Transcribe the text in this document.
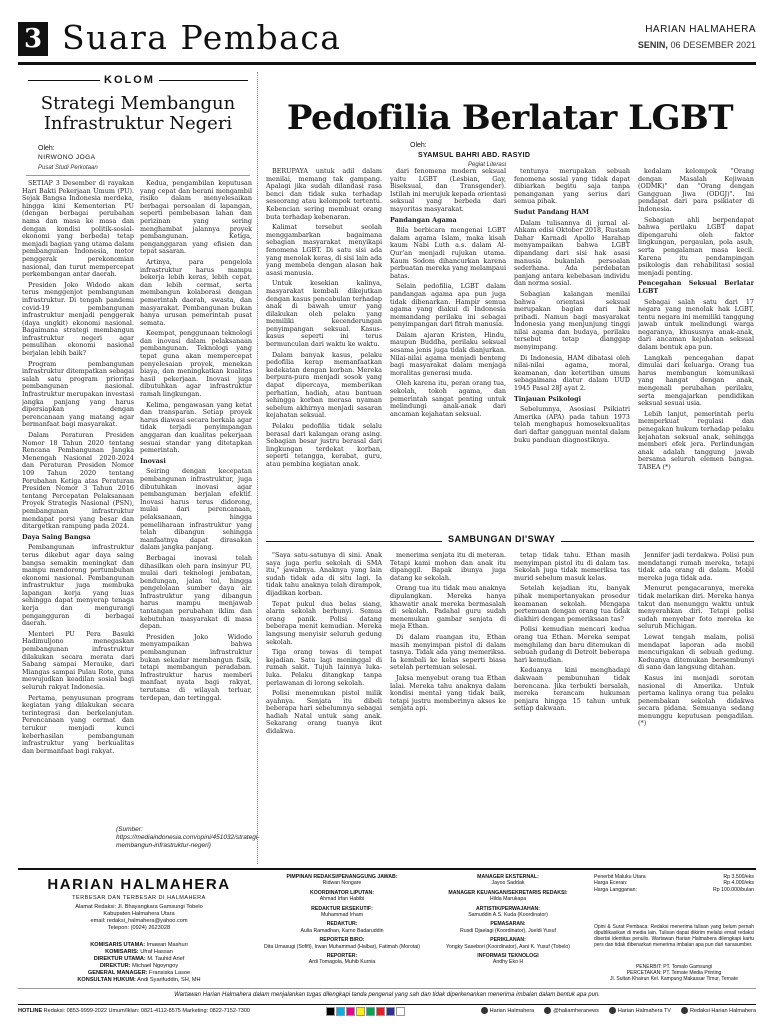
3 Suara Pembaca	HARIAN HALMAHERA
SENIN, 06 DESEMBER 2021
KOLOM
Strategi Membangun Infrastruktur Negeri
Oleh:
NIRWONO JOGA
Pusat Studi Perkotaan

SETIAP 3 Desember di rayakan Hari Bakti Pekerjaan Umum (PU). Sejak Bangsa Indonesia merdeka, hingga kini Kementerian PU (dengan berbagai perubahan nama dan masa ke masa dan dengan kondisi politik-sosial-ekonomi yang berbeda) tetap menjadi bagian yang utama dalam pembangunan Indonesia, motor penggerak perekonomian nasional, dan turut mempercepat perkembangan antar daerah.

Presiden Joko Widodo akan terus menggenjot pembangunan infrastruktur. Di tengah pandemi covid-19 pembangunan infrastruktur menjadi penggerak (daya ungkit) ekonomi nasional. Bagaimana strategi membangun infrastruktur negeri agar pemulihan ekonomi nasional berjalan lebih baik?

Program pembangunan infrastruktur ditempatkan sebagai salah satu program prioritas pembangunan nasional. Infrastruktur merupakan investasi jangka panjang yang harus dipersiapkan dengan perencanaan yang matang agar bermanfaat bagi masyarakat.

Dalam Peraturan Presiden Nomor 18 Tahun 2020 tentang Rencana Pembangunan Jangka Menengah Nasional 2020-2024 dan Peraturan Presiden Nomor 109 Tahun 2020 tentang Perubahan Ketiga atas Peraturan Presiden Nomor 3 Tahun 2016 tentang Percepatan Pelaksanaan Proyek Strategis Nasional (PSN), pembangunan infrastruktur mendapat porsi yang besar dan ditargetkan rampung pada 2024.

Daya Saing Bangsa

Pembangunan infrastruktur terus dikebut agar daya saing bangsa semakin meningkat dan mampu mendorong pertumbuhan ekonomi nasional. Pembangunan infrastruktur juga membuka lapangan kerja yang luas sehingga dapat menyerap tenaga kerja dan mengurangi pengangguran di berbagai daerah.

Menteri PU Pera Basuki Hadimuljono menegaskan pembangunan infrastruktur dilakukan secara merata dari Sabang sampai Merauke, dari Miangas sampai Pulau Rote, guna mewujudkan keadilan sosial bagi seluruh rakyat Indonesia.

Pertama, penyusunan program kegiatan yang dilakukan secara terintegrasi dan berkelanjutan. Perencanaan yang cermat dan terukur menjadi kunci keberhasilan pembangunan infrastruktur yang berkualitas dan bermanfaat bagi rakyat.

Kedua, pengambilan keputusan yang cepat dan berani mengambil risiko dalam menyelesaikan berbagai persoalan di lapangan, seperti pembebasan lahan dan perizinan yang sering menghambat jalannya proyek pembangunan. Ketiga, penganggaran yang efisien dan tepat sasaran.

Artinya, para pengelola infrastruktur harus mampu bekerja lebih keras, lebih cepat, dan lebih cermat, serta membangun kolaborasi dengan pemerintah daerah, swasta, dan masyarakat. Pembangunan bukan hanya urusan pemerintah pusat semata.

Keempat, penggunaan teknologi dan inovasi dalam pelaksanaan pembangunan. Teknologi yang tepat guna akan mempercepat penyelesaian proyek, menekan biaya, dan meningkatkan kualitas hasil pekerjaan. Inovasi juga dibutuhkan agar infrastruktur ramah lingkungan.

Kelima, pengawasan yang ketat dan transparan. Setiap proyek harus diawasi secara berkala agar tidak terjadi penyimpangan anggaran dan kualitas pekerjaan sesuai standar yang ditetapkan pemerintah.

Inovasi

Seiring dengan kecepatan pembangunan infrastruktur, juga dibutuhkan inovasi agar pembangunan berjalan efektif. Inovasi harus terus didorong, mulai dari perencanaan, pelaksanaan, hingga pemeliharaan infrastruktur yang telah dibangun sehingga manfaatnya dapat dirasakan dalam jangka panjang.

Berbagai inovasi telah dihasilkan oleh para insinyur PU, mulai dari teknologi jembatan, bendungan, jalan tol, hingga pengelolaan sumber daya air. Infrastruktur yang dibangun harus mampu menjawab tantangan perubahan iklim dan kebutuhan masyarakat di masa depan.

Presiden Joko Widodo menyampaikan bahwa pembangunan infrastruktur bukan sekadar membangun fisik, tetapi membangun peradaban. Infrastruktur harus memberi manfaat nyata bagi rakyat, terutama di wilayah terluar, terdepan, dan tertinggal.

(Sumber: https://mediaindonesia.com/opini/451032/strategi-membangun-infrastruktur-negeri)
Pedofilia Berlatar LGBT
Oleh:
SYAMSUL BAHRI ABD. RASYID
Pegiat Literasi

BERUPAYA untuk adil dalam menilai, memang tak gampang. Apalagi jika sudah dilandasi rasa benci dan tidak suka terhadap seseorang atau kelompok tertentu. Kebencian sering membuat orang buta terhadap kebenaran.

Kalimat tersebut seolah menggambarkan bagaimana sebagian masyarakat menyikapi fenomena LGBT. Di satu sisi ada yang menolak keras, di sisi lain ada yang membela dengan alasan hak asasi manusia.

Untuk kesekian kalinya, masyarakat kembali dikejutkan dengan kasus pencabulan terhadap anak di bawah umur yang dilakukan oleh pelaku yang memiliki kecenderungan penyimpangan seksual. Kasus-kasus seperti ini terus bermunculan dari waktu ke waktu.

Dalam banyak kasus, pelaku pedofilia kerap memanfaatkan kedekatan dengan korban. Mereka berpura-pura menjadi sosok yang dapat dipercaya, memberikan perhatian, hadiah, atau bantuan sehingga korban merasa nyaman sebelum akhirnya menjadi sasaran kejahatan seksual.

Pelaku pedofilia tidak selalu berasal dari kalangan orang asing. Sebagian besar justru berasal dari lingkungan terdekat korban, seperti tetangga, kerabat, guru, atau pembina kegiatan anak.

dari fenomena modern seksual yaitu LGBT (Lesbian, Gay, Biseksual, dan Transgender). Istilah ini merujuk kepada orientasi seksual yang berbeda dari mayoritas masyarakat.

Pandangan Agama

Bila berbicara mengenai LGBT dalam agama Islam, maka kisah kaum Nabi Luth a.s. dalam Al-Qur'an menjadi rujukan utama. Kaum Sodom dihancurkan karena perbuatan mereka yang melampaui batas.

Selain pedofilia, LGBT dalam pandangan agama apa pun juga tidak dibenarkan. Hampir semua agama yang diakui di Indonesia memandang perilaku ini sebagai penyimpangan dari fitrah manusia.

Dalam ajaran Kristen, Hindu, maupun Buddha, perilaku seksual sesama jenis juga tidak dianjurkan. Nilai-nilai agama menjadi benteng bagi masyarakat dalam menjaga moralitas generasi muda.

Oleh karena itu, peran orang tua, sekolah, tokoh agama, dan pemerintah sangat penting untuk melindungi anak-anak dari ancaman kejahatan seksual.

tentunya merupakan sebuah fenomena sosial yang tidak dapat dibiarkan begitu saja tanpa penanganan yang serius dari semua pihak.

Sudut Pandang HAM

Dalam tulisannya di jurnal al-Ahkam edisi Oktober 2018, Rustam Dahar Karnadi Apollo Harahap menyampaikan bahwa LGBT dipandang dari sisi hak asasi manusia bukanlah persoalan sederhana. Ada perdebatan panjang antara kebebasan individu dan norma sosial.

Sebagian kalangan menilai bahwa orientasi seksual merupakan bagian dari hak pribadi. Namun bagi masyarakat Indonesia yang menjunjung tinggi nilai agama dan budaya, perilaku tersebut tetap dianggap menyimpang.

Di Indonesia, HAM dibatasi oleh nilai-nilai agama, moral, keamanan, dan ketertiban umum sebagaimana diatur dalam UUD 1945 Pasal 28J ayat 2.

Tinjauan Psikologi

Sebelumnya, Asosiasi Psikiatri Amerika (APA) pada tahun 1973 telah menghapus homoseksualitas dari daftar gangguan mental dalam buku panduan diagnostiknya.

kedalam kelompok "Orang dengan Masalah Kejiwaan (ODMK)" dan "Orang dengan Gangguan Jiwa (ODGJ)". Ini pendapat dari para psikiater di Indonesia.

Sebagian ahli berpendapat bahwa perilaku LGBT dapat dipengaruhi oleh faktor lingkungan, pergaulan, pola asuh, serta pengalaman masa kecil. Karena itu pendampingan psikologis dan rehabilitasi sosial menjadi penting.

Pencegahan Seksual Berlatar LGBT

Sebagai salah satu dari 17 negara yang menolak hak LGBT, tentu negara ini memiliki tanggung jawab untuk melindungi warga negaranya, khususnya anak-anak, dari ancaman kejahatan seksual dalam bentuk apa pun.

Langkah pencegahan dapat dimulai dari keluarga. Orang tua harus membangun komunikasi yang hangat dengan anak, mengenali perubahan perilaku, serta mengajarkan pendidikan seksual sesuai usia.

Lebih lanjut, pemerintah perlu memperkuat regulasi dan penegakan hukum terhadap pelaku kejahatan seksual anak, sehingga memberi efek jera. Perlindungan anak adalah tanggung jawab bersama seluruh elemen bangsa. TABEA (*)

SAMBUNGAN DI'SWAY

"Saya satu-satunya di sini. Anak saya juga perlu sekolah di SMA itu," jawabnya. Anaknya yang lain sudah tidak ada di situ lagi. Ia tidak tahu anaknya telah dirampok, dijadikan korban.

Tepat pukul dua belas siang, alarm sekolah berbunyi. Semua orang panik. Polisi datang beberapa menit kemudian. Mereka langsung menyisir seluruh gedung sekolah.

Tiga orang tewas di tempat kejadian. Satu lagi meninggal di rumah sakit. Tujuh lainnya luka-luka. Pelaku ditangkap tanpa perlawanan di lorong sekolah.

Polisi menemukan pistol milik ayahnya. Senjata itu dibeli beberapa hari sebelumnya sebagai hadiah Natal untuk sang anak. Sekarang orang tuanya ikut didakwa.

menerima senjata itu di meteran. Tetapi kami mohon dan anak itu dipanggil. Bapak ibunya juga datang ke sekolah.

Orang tua itu tidak mau anaknya dipulangkan. Mereka hanya khawatir anak mereka bermasalah di sekolah. Padahal guru sudah menemukan gambar senjata di meja Ethan.

Di dalam ruangan itu, Ethan masih menyimpan pistol di dalam tasnya. Tidak ada yang memeriksa. Ia kembali ke kelas seperti biasa setelah pertemuan selesai.

Jaksa menyebut orang tua Ethan lalai. Mereka tahu anaknya dalam kondisi mental yang tidak baik, tetapi justru memberinya akses ke senjata api.

tetap tidak tahu. Ethan masih menyimpan pistol itu di dalam tas. Sekolah juga tidak memeriksa tas murid sebelum masuk kelas.

Setelah kejadian itu, banyak pihak mempertanyakan prosedur keamanan sekolah. Mengapa pertemuan dengan orang tua tidak diakhiri dengan pemeriksaan tas?

Polisi kemudian mencari kedua orang tua Ethan. Mereka sempat menghilang dan baru ditemukan di sebuah gudang di Detroit beberapa hari kemudian.

Keduanya kini menghadapi dakwaan pembunuhan tidak berencana. Jika terbukti bersalah, mereka terancam hukuman penjara hingga 15 tahun untuk setiap dakwaan.

Jennifer jadi terdakwa. Polisi pun mendatangi rumah mereka, tetapi tidak ada orang di dalam. Mobil mereka juga tidak ada.

Menurut pengacaranya, mereka tidak melarikan diri. Mereka hanya takut dan menunggu waktu untuk menyerahkan diri. Tetapi polisi sudah menyebar foto mereka ke seluruh Michigan.

Lewat tengah malam, polisi mendapat laporan ada mobil mencurigakan di sebuah gedung. Keduanya ditemukan bersembunyi di sana dan langsung ditahan.

Kasus ini menjadi sorotan nasional di Amerika. Untuk pertama kalinya orang tua pelaku penembakan sekolah didakwa secara pidana. Semuanya sedang menunggu keputusan pengadilan. (*)

HARIAN HALMAHERA
TERBESAR DAN TERBESAR DI HALMAHERA
Alamat Redaksi: Jl. Bhayangkara Gamsungi Tobelo
Kabupaten Halmahera Utara
email: redaksi_halmahera@yahoo.com
Telepon: (0924) 2623028
KOMISARIS UTAMA: Imawan Mashuri
KOMISARIS: Ufraf Hassan
DIREKTUR UTAMA: M. Tauhid Arief
DIREKTUR: Michael Ngoyngoy
GENERAL MANAGER: Fransiska Lasoe
KONSULTAN HUKUM: Andi Syarifuddin, SH, MH
PIMPINAN REDAKSI/PENANGGUNG JAWAB:
Ridwan Nongare
KOORDINATOR LIPUTAN:
Ahmad Irfan Habibi
REDAKTUR EKSEKUTIF:
Muhammad Irham
REDAKTUR:
Aulia Ramadhan, Karno Badaruddin
REPORTER BIRO:
Dita Umasugi (Sofifi), Irwan Muhammad (Halbar), Fatimah (Morotai)
REPORTER:
Ardi Tomagola, Muhib Kurnia
MANAGER EKSTERNAL:
Jayoo Saddak
MANAGER KEUANGAN/SEKRETARIS REDAKSI:
Hilda Marukapa
ARTISTIK/PERWAJAHAN:
Samuddin A.S. Kuda (Koordinator)
PEMASARAN:
Rusdi Djaelagi (Koordinator), Jueldi Yusuf
PERIKLANAN:
Yongky Sasebori (Koordinator), Asni K. Yusuf (Tobelo)
INFORMASI TEKNOLOGI
Andhy Eko H
Penerbit Maluku Utara	Rp 3.500/eks
Harga Eceran:	Rp 4.000/eks
Harga Langganan:	Rp 100.000/bulan
Opini & Surat Pembaca: Redaksi menerima tulisan yang belum pernah dipublikasikan di media lain. Tulisan dapat dikirim melalui email redaksi disertai identitas penulis. Wartawan Harian Halmahera dilengkapi kartu pers dan tidak dibenarkan menerima imbalan apa pun dari narasumber.
PENERBIT: PT. Tomalo Gamsungi
PERCETAKAN: PT. Temate Media Printing
Jl. Sultan Khairun Kel. Kampung Makassar Timur, Ternate
Wartawan Harian Halmahera dalam menjalankan tugas dilengkapi tanda pengenal yang sah dan tidak diperkenankan menerima imbalan dalam bentuk apa pun.
HOTLINE Redaksi: 0853-9999-2022 Umum/Iklan: 0821-4112-8575 Marketing: 0822-7152-7300	Harian Halmahera	@haliamheranews	Harian Halmahera TV	Redaksi Harian Halmahera
